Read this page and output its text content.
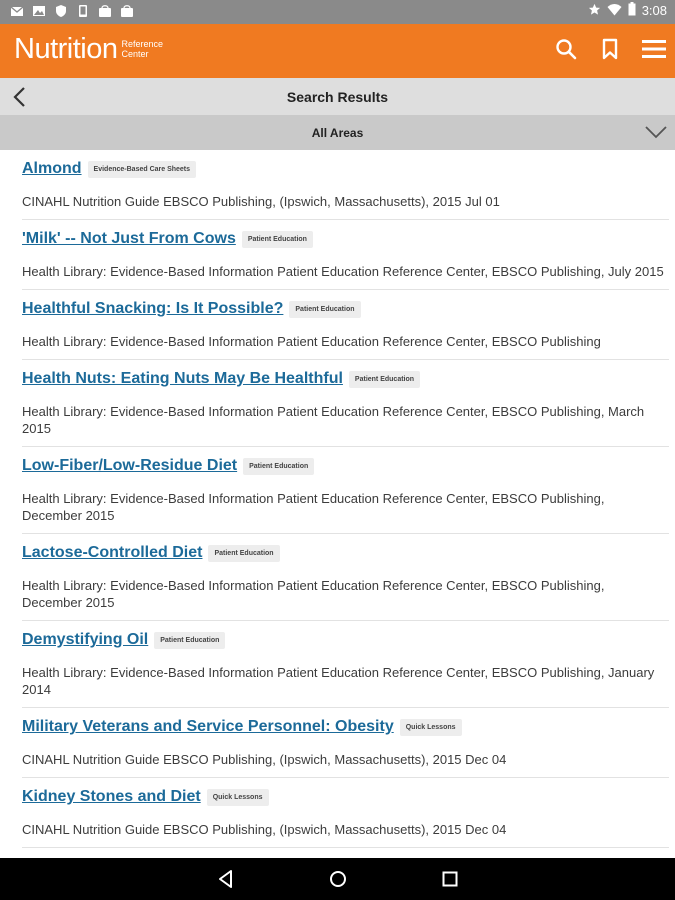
3:08
Nutrition Reference
Center
Search Results
All Areas
Almond	Evidence-Based Care Sheets
CINAHL Nutrition Guide EBSCO Publishing, (Ipswich, Massachusetts), 2015 Jul 01
'Milk' -- Not Just From Cows	Patient Education
Health Library: Evidence-Based Information Patient Education Reference Center, EBSCO Publishing, July 2015
Healthful Snacking: Is It Possible?	Patient Education
Health Library: Evidence-Based Information Patient Education Reference Center, EBSCO Publishing
Health Nuts: Eating Nuts May Be Healthful	Patient Education
Health Library: Evidence-Based Information Patient Education Reference Center, EBSCO Publishing, March 2015
Low-Fiber/Low-Residue Diet	Patient Education
Health Library: Evidence-Based Information Patient Education Reference Center, EBSCO Publishing, December 2015
Lactose-Controlled Diet	Patient Education
Health Library: Evidence-Based Information Patient Education Reference Center, EBSCO Publishing, December 2015
Demystifying Oil	Patient Education
Health Library: Evidence-Based Information Patient Education Reference Center, EBSCO Publishing, January 2014
Military Veterans and Service Personnel: Obesity	Quick Lessons
CINAHL Nutrition Guide EBSCO Publishing, (Ipswich, Massachusetts), 2015 Dec 04
Kidney Stones and Diet	Quick Lessons
CINAHL Nutrition Guide EBSCO Publishing, (Ipswich, Massachusetts), 2015 Dec 04
